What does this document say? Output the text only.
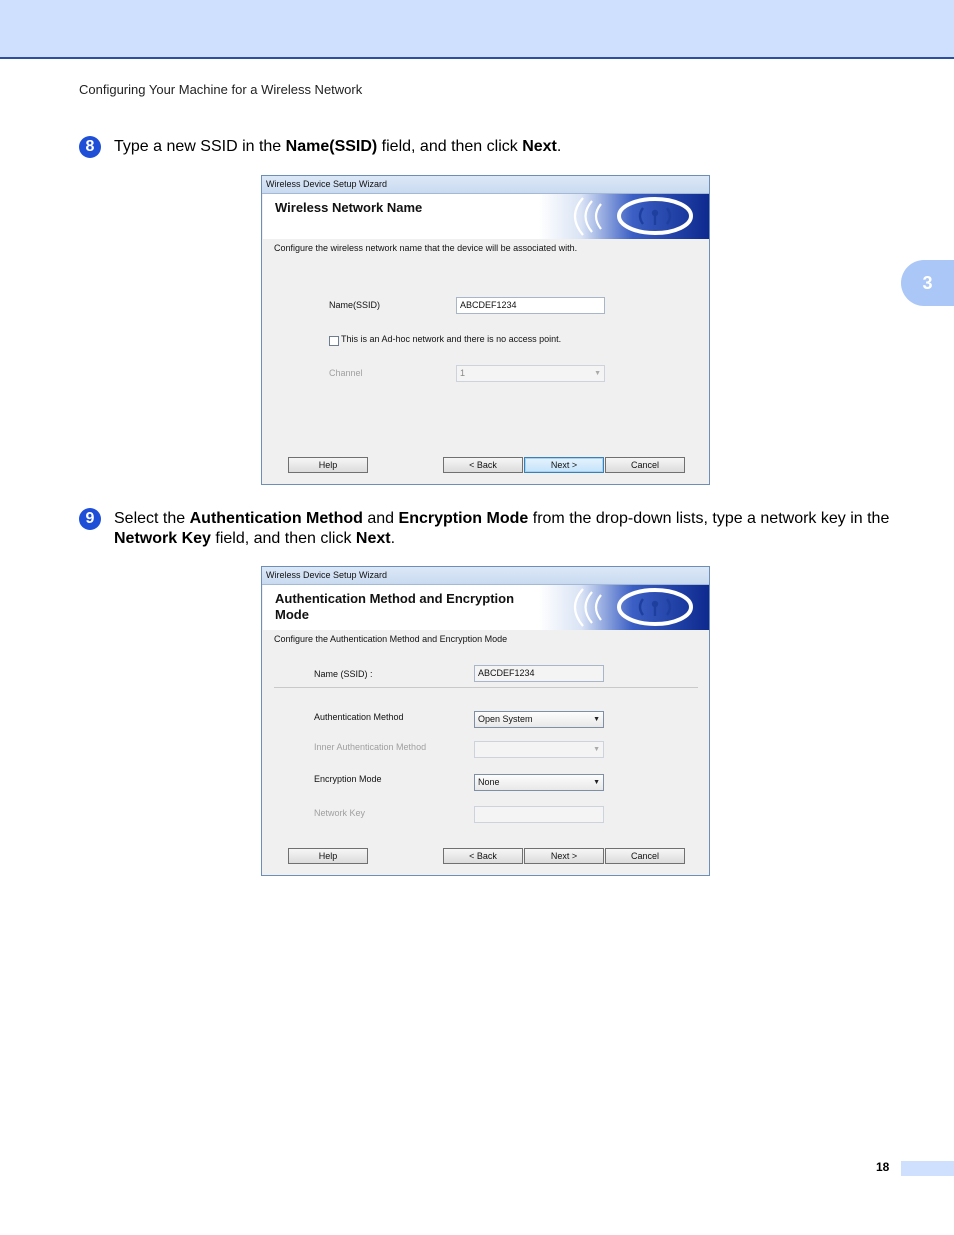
Configuring Your Machine for a Wireless Network
3
8	Type a new SSID in the Name(SSID) field, and then click Next.
Wireless Device Setup Wizard
Wireless Network Name
Configure the wireless network name that the device will be associated with.
Name(SSID)	ABCDEF1234
This is an Ad-hoc network and there is no access point.
Channel	1	▼
Help	< Back	Next >	Cancel
9	Select the Authentication Method and Encryption Mode from the drop-down lists, type a network key in the Network Key field, and then click Next.
Wireless Device Setup Wizard
Authentication Method and Encryption
Mode
Configure the Authentication Method and Encryption Mode
Name (SSID) :	ABCDEF1234
Authentication Method	Open System	▼
Inner Authentication Method	▼
Encryption Mode	None	▼
Network Key
Help	< Back	Next >	Cancel
18
